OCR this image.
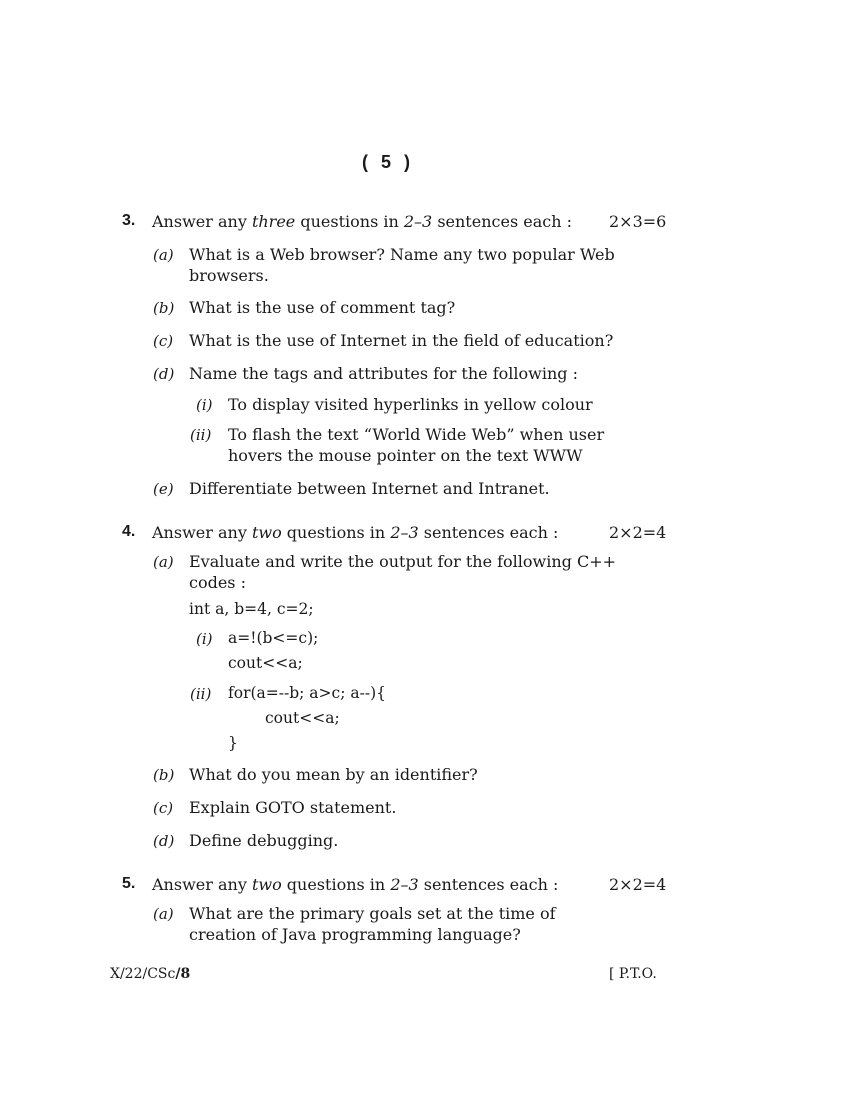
( 5 )
3. Answer any three questions in 2–3 sentences each : 2×3=6
(a) What is a Web browser? Name any two popular Web
browsers.
(b) What is the use of comment tag?
(c) What is the use of Internet in the field of education?
(d) Name the tags and attributes for the following :
(i) To display visited hyperlinks in yellow colour
(ii) To flash the text “World Wide Web” when user
hovers the mouse pointer on the text WWW
(e) Differentiate between Internet and Intranet.
4. Answer any two questions in 2–3 sentences each :	2×2=4
(a) Evaluate and write the output for the following C++
codes :
int a, b=4, c=2;
(i) a=!(b<=c);
cout<<a;
(ii) for(a=--b; a>c; a--){
cout<<a;
}
(b) What do you mean by an identifier?
(c) Explain GOTO statement.
(d) Define debugging.
5. Answer any two questions in 2–3 sentences each :	2×2=4
(a) What are the primary goals set at the time of
creation of Java programming language?
X/22/CSc/8	[ P.T.O.
